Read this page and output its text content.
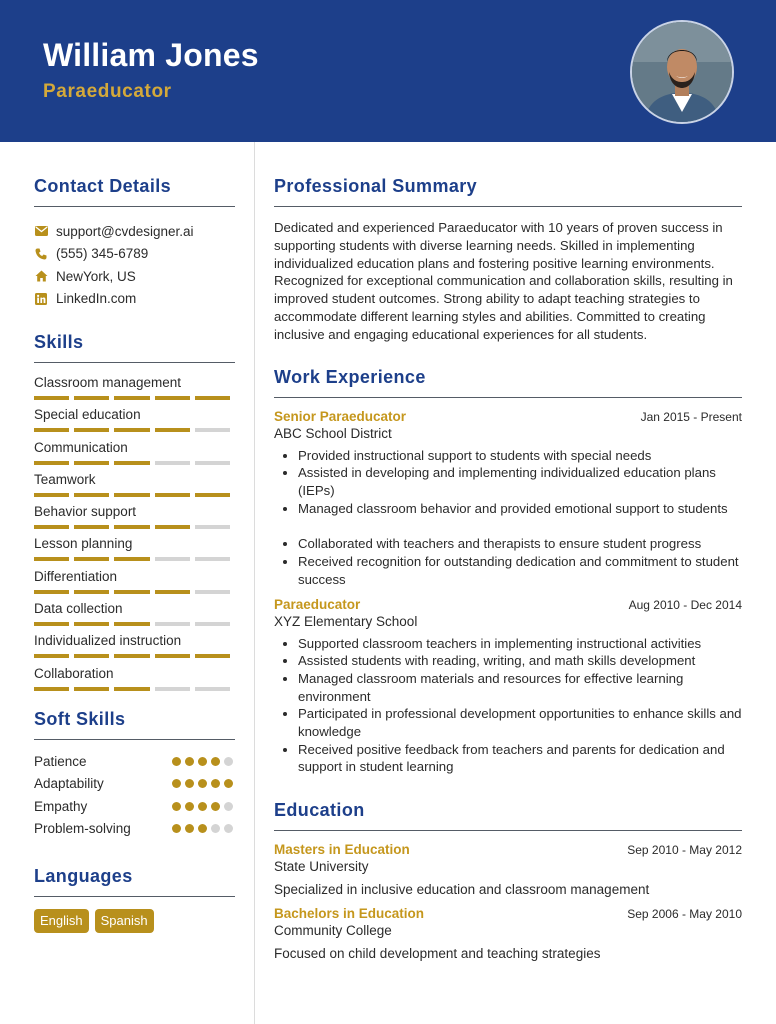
William Jones
Paraeducator
Contact Details
support@cvdesigner.ai
(555) 345-6789
NewYork, US
LinkedIn.com
Skills
Classroom management
Special education
Communication
Teamwork
Behavior support
Lesson planning
Differentiation
Data collection
Individualized instruction
Collaboration
Soft Skills
Patience
Adaptability
Empathy
Problem-solving
Languages
English	Spanish
Professional Summary
Dedicated and experienced Paraeducator with 10 years of proven success in supporting students with diverse learning needs. Skilled in implementing individualized education plans and fostering positive learning environments. Recognized for exceptional communication and collaboration skills, resulting in improved student outcomes. Strong ability to adapt teaching strategies to accommodate different learning styles and abilities. Committed to creating inclusive and engaging educational experiences for all students.
Work Experience
Senior Paraeducator	Jan 2015 - Present
ABC School District
• Provided instructional support to students with special needs
• Assisted in developing and implementing individualized education plans (IEPs)
• Managed classroom behavior and provided emotional support to students
• Collaborated with teachers and therapists to ensure student progress
• Received recognition for outstanding dedication and commitment to student success
Paraeducator	Aug 2010 - Dec 2014
XYZ Elementary School
• Supported classroom teachers in implementing instructional activities
• Assisted students with reading, writing, and math skills development
• Managed classroom materials and resources for effective learning environment
• Participated in professional development opportunities to enhance skills and knowledge
• Received positive feedback from teachers and parents for dedication and support in student learning
Education
Masters in Education	Sep 2010 - May 2012
State University
Specialized in inclusive education and classroom management
Bachelors in Education	Sep 2006 - May 2010
Community College
Focused on child development and teaching strategies
